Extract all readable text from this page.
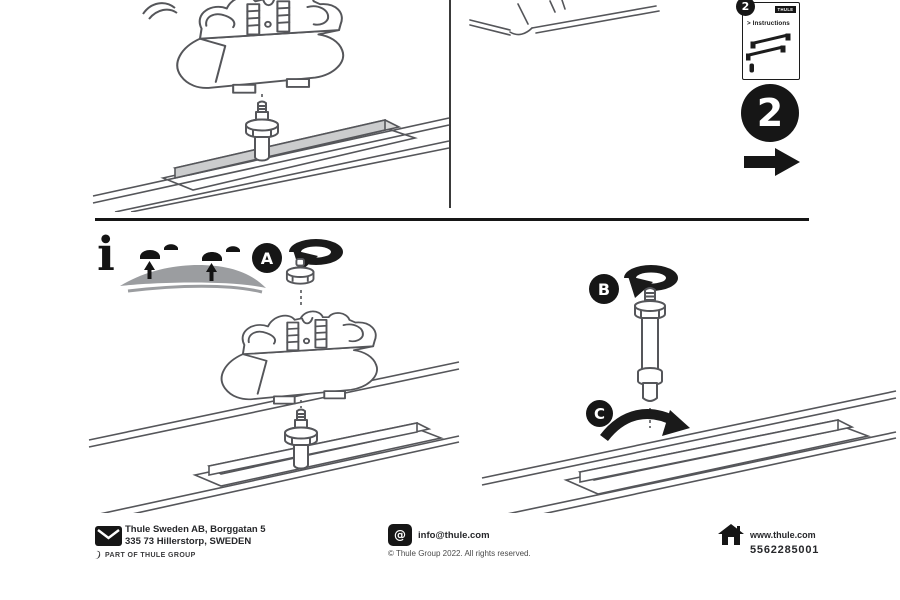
2	THULE
> Instructions
2
i	A
B
C
Thule Sweden AB, Borggatan 5
335 73 Hillerstorp, SWEDEN
PART OF THULE GROUP
@	info@thule.com
© Thule Group 2022. All rights reserved.
www.thule.com
5562285001
